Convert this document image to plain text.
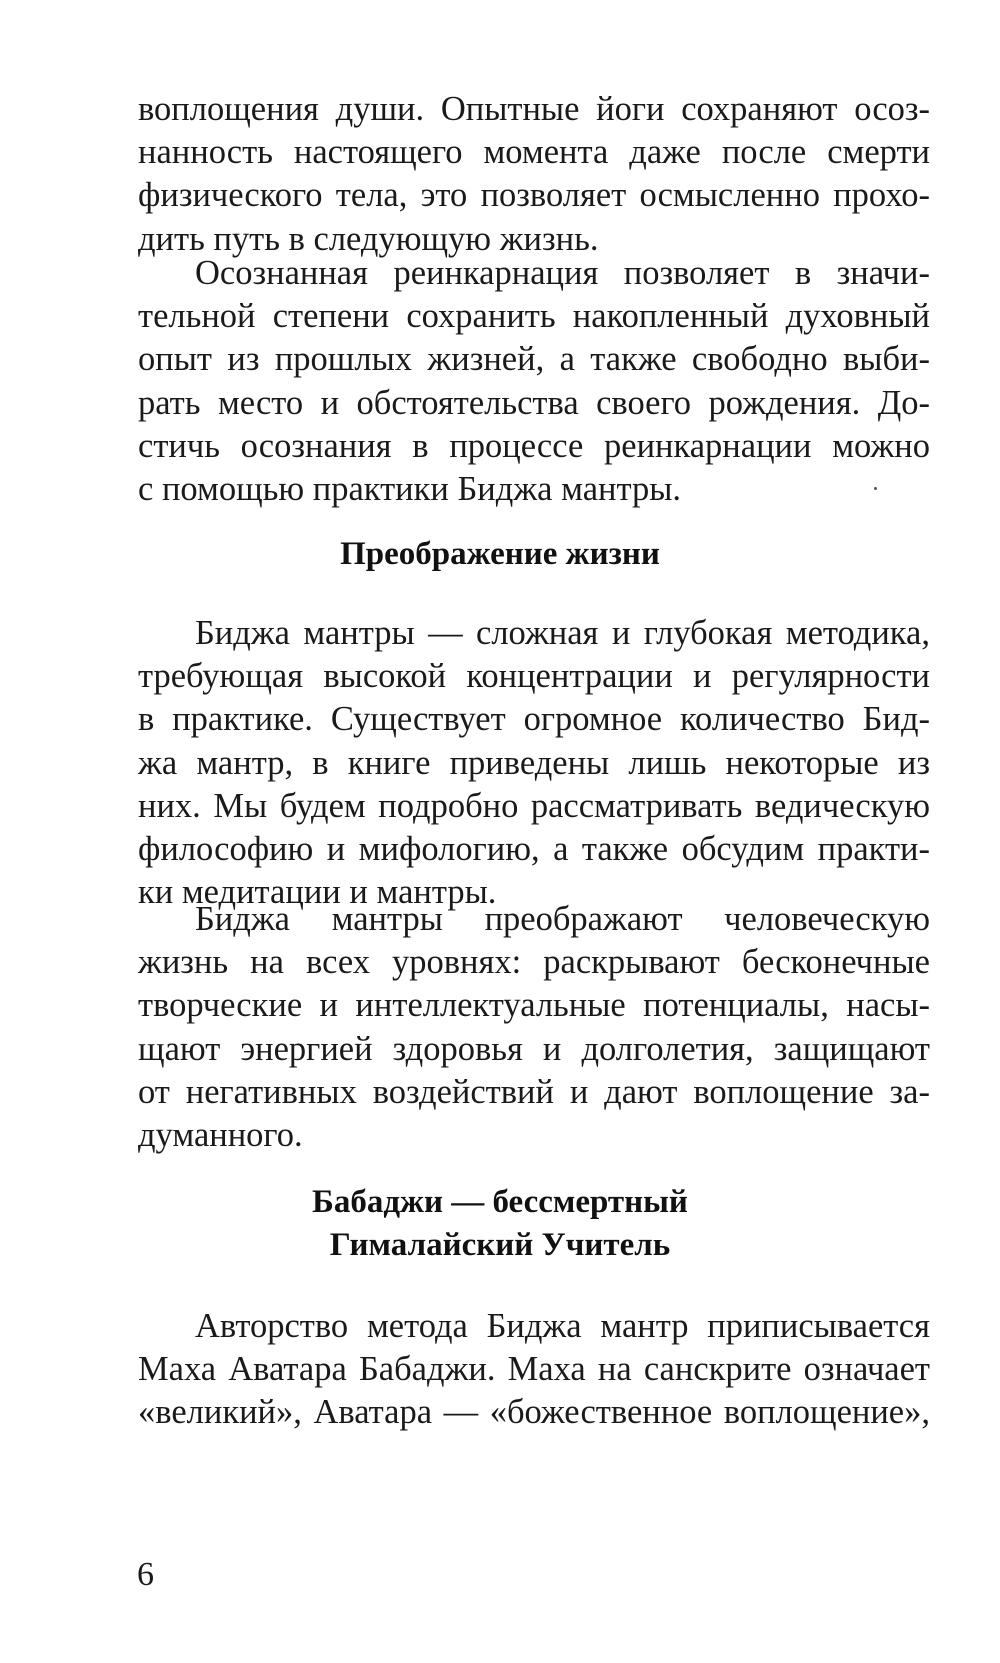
воплощения души. Опытные йоги сохраняют осоз-
нанность настоящего момента даже после смерти
физического тела, это позволяет осмысленно прохо-
дить путь в следующую жизнь.
Осознанная реинкарнация позволяет в значи-
тельной степени сохранить накопленный духовный
опыт из прошлых жизней, а также свободно выби-
рать место и обстоятельства своего рождения. До-
стичь осознания в процессе реинкарнации можно
с помощью практики Биджа мантры.
Преображение жизни
Биджа мантры — сложная и глубокая методика,
требующая высокой концентрации и регулярности
в практике. Существует огромное количество Бид-
жа мантр, в книге приведены лишь некоторые из
них. Мы будем подробно рассматривать ведическую
философию и мифологию, а также обсудим практи-
ки медитации и мантры.
Биджа мантры преображают человеческую
жизнь на всех уровнях: раскрывают бесконечные
творческие и интеллектуальные потенциалы, насы-
щают энергией здоровья и долголетия, защищают
от негативных воздействий и дают воплощение за-
думанного.
Бабаджи — бессмертный
Гималайский Учитель
Авторство метода Биджа мантр приписывается
Маха Аватара Бабаджи. Маха на санскрите означает
«великий», Аватара — «божественное воплощение»,
6
